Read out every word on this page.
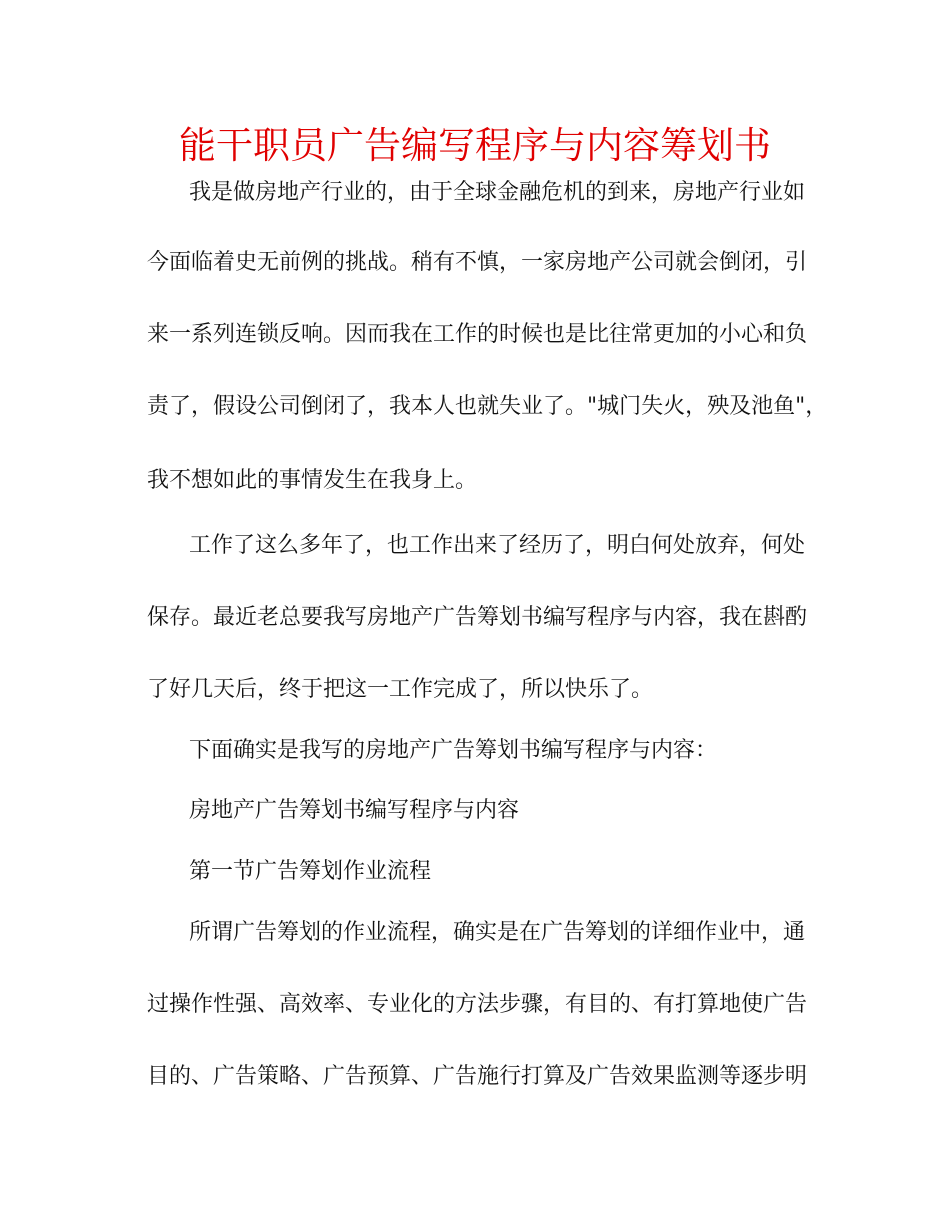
能干职员广告编写程序与内容筹划书

我是做房地产行业的，由于全球金融危机的到来，房地产行业如

今面临着史无前例的挑战。稍有不慎，一家房地产公司就会倒闭，引

来一系列连锁反响。因而我在工作的时候也是比往常更加的小心和负

责了，假设公司倒闭了，我本人也就失业了。"城门失火，殃及池鱼"，

我不想如此的事情发生在我身上。

工作了这么多年了，也工作出来了经历了，明白何处放弃，何处

保存。最近老总要我写房地产广告筹划书编写程序与内容，我在斟酌

了好几天后，终于把这一工作完成了，所以快乐了。

下面确实是我写的房地产广告筹划书编写程序与内容：

房地产广告筹划书编写程序与内容

第一节广告筹划作业流程

所谓广告筹划的作业流程，确实是在广告筹划的详细作业中，通

过操作性强、高效率、专业化的方法步骤，有目的、有打算地使广告

目的、广告策略、广告预算、广告施行打算及广告效果监测等逐步明
